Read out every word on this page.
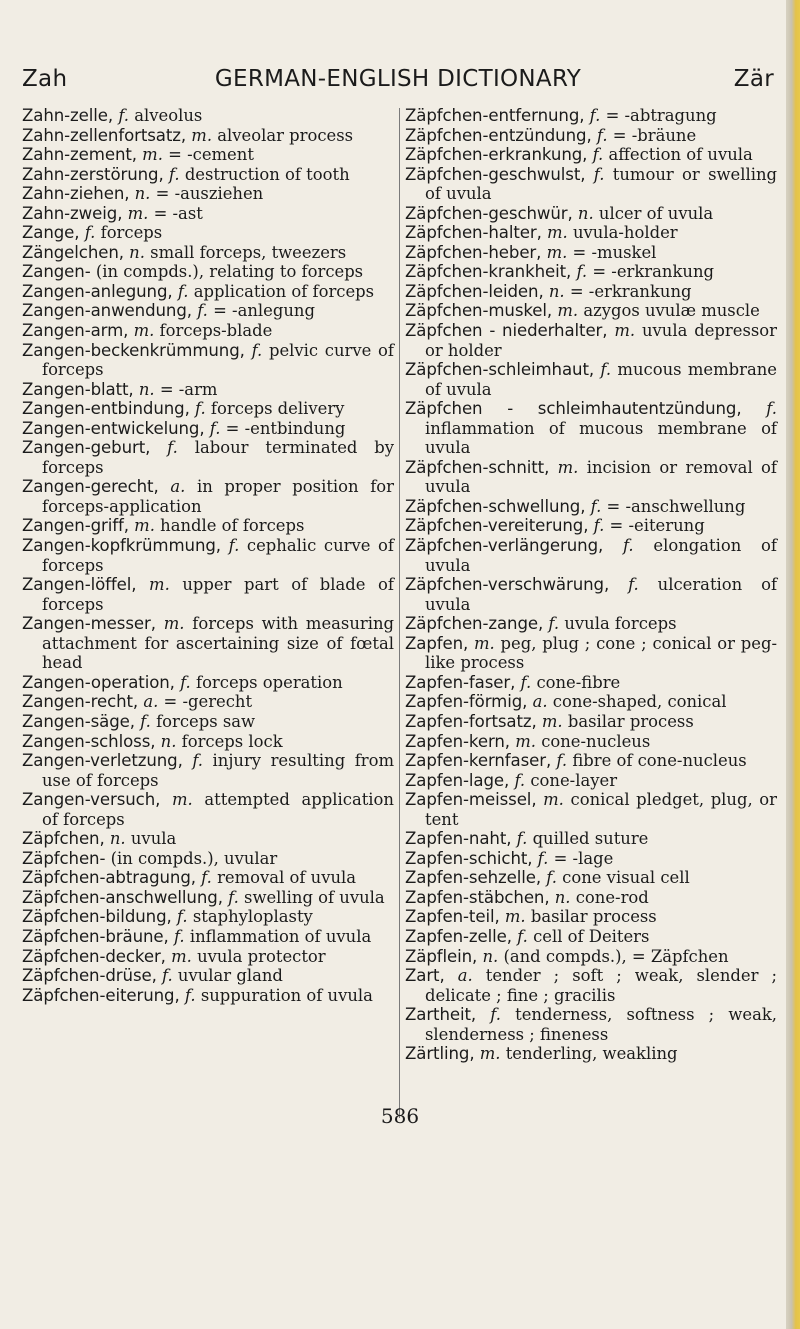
Zah	GERMAN-ENGLISH DICTIONARY	Zär
Zahn-zelle, f. alveolus
Zahn-zellenfortsatz, m. alveolar process
Zahn-zement, m. = -cement
Zahn-zerstörung, f. destruction of tooth
Zahn-ziehen, n. = -ausziehen
Zahn-zweig, m. = -ast
Zange, f. forceps
Zängelchen, n. small forceps, tweezers
Zangen- (in compds.), relating to forceps
Zangen-anlegung, f. application of forceps
Zangen-anwendung, f. = -anlegung
Zangen-arm, m. forceps-blade
Zangen-beckenkrümmung, f. pelvic curve of forceps
Zangen-blatt, n. = -arm
Zangen-entbindung, f. forceps delivery
Zangen-entwickelung, f. = -entbindung
Zangen-geburt, f. labour terminated by forceps
Zangen-gerecht, a. in proper position for forceps-application
Zangen-griff, m. handle of forceps
Zangen-kopfkrümmung, f. cephalic curve of forceps
Zangen-löffel, m. upper part of blade of forceps
Zangen-messer, m. forceps with measuring attachment for ascertaining size of fœtal head
Zangen-operation, f. forceps operation
Zangen-recht, a. = -gerecht
Zangen-säge, f. forceps saw
Zangen-schloss, n. forceps lock
Zangen-verletzung, f. injury resulting from use of forceps
Zangen-versuch, m. attempted application of forceps
Zäpfchen, n. uvula
Zäpfchen- (in compds.), uvular
Zäpfchen-abtragung, f. removal of uvula
Zäpfchen-anschwellung, f. swelling of uvula
Zäpfchen-bildung, f. staphyloplasty
Zäpfchen-bräune, f. inflammation of uvula
Zäpfchen-decker, m. uvula protector
Zäpfchen-drüse, f. uvular gland
Zäpfchen-eiterung, f. suppuration of uvula
Zäpfchen-entfernung, f. = -abtragung
Zäpfchen-entzündung, f. = -bräune
Zäpfchen-erkrankung, f. affection of uvula
Zäpfchen-geschwulst, f. tumour or swelling of uvula
Zäpfchen-geschwür, n. ulcer of uvula
Zäpfchen-halter, m. uvula-holder
Zäpfchen-heber, m. = -muskel
Zäpfchen-krankheit, f. = -erkrankung
Zäpfchen-leiden, n. = -erkrankung
Zäpfchen-muskel, m. azygos uvulæ muscle
Zäpfchen - niederhalter, m. uvula depressor or holder
Zäpfchen-schleimhaut, f. mucous membrane of uvula
Zäpfchen - schleimhautentzündung, f. inflammation of mucous membrane of uvula
Zäpfchen-schnitt, m. incision or removal of uvula
Zäpfchen-schwellung, f. = -anschwellung
Zäpfchen-vereiterung, f. = -eiterung
Zäpfchen-verlängerung, f. elongation of uvula
Zäpfchen-verschwärung, f. ulceration of uvula
Zäpfchen-zange, f. uvula forceps
Zapfen, m. peg, plug ; cone ; conical or peg-like process
Zapfen-faser, f. cone-fibre
Zapfen-förmig, a. cone-shaped, conical
Zapfen-fortsatz, m. basilar process
Zapfen-kern, m. cone-nucleus
Zapfen-kernfaser, f. fibre of cone-nucleus
Zapfen-lage, f. cone-layer
Zapfen-meissel, m. conical pledget, plug, or tent
Zapfen-naht, f. quilled suture
Zapfen-schicht, f. = -lage
Zapfen-sehzelle, f. cone visual cell
Zapfen-stäbchen, n. cone-rod
Zapfen-teil, m. basilar process
Zapfen-zelle, f. cell of Deiters
Zäpflein, n. (and compds.), = Zäpfchen
Zart, a. tender ; soft ; weak, slender ; delicate ; fine ; gracilis
Zartheit, f. tenderness, softness ; weak, slenderness ; fineness
Zärtling, m. tenderling, weakling
586
